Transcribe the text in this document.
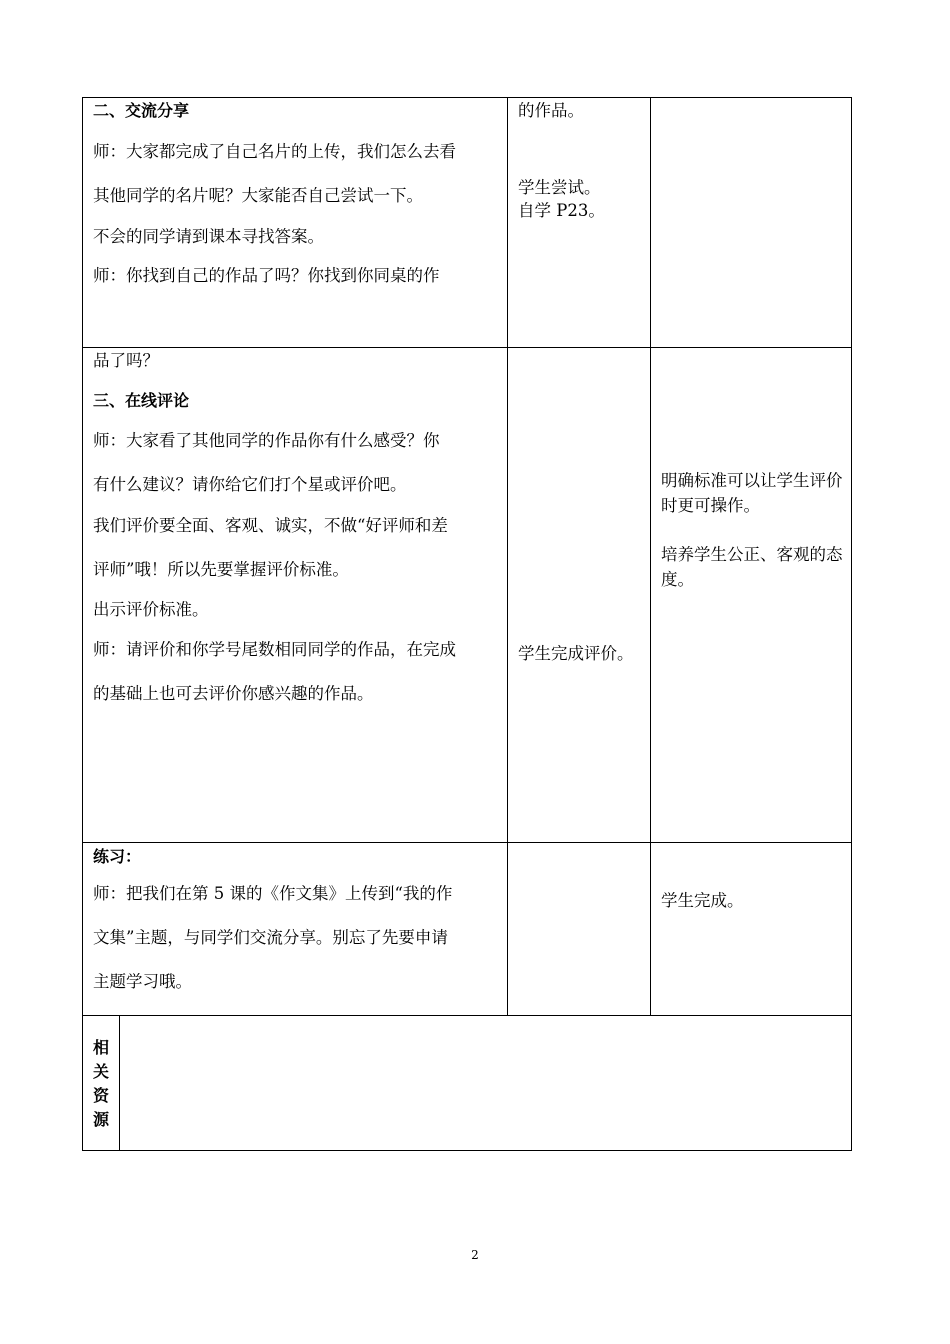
二、交流分享
师：大家都完成了自己名片的上传，我们怎么去看
其他同学的名片呢？大家能否自己尝试一下。
不会的同学请到课本寻找答案。
师：你找到自己的作品了吗？你找到你同桌的作
的作品。
学生尝试。
自学 P23。
品了吗？
三、在线评论
师：大家看了其他同学的作品你有什么感受？你
有什么建议？请你给它们打个星或评价吧。
我们评价要全面、客观、诚实，不做“好评师和差
评师”哦！所以先要掌握评价标准。
出示评价标准。
师：请评价和你学号尾数相同同学的作品，在完成
的基础上也可去评价你感兴趣的作品。
学生完成评价。
明确标准可以让学生评价时更可操作。
培养学生公正、客观的态度。
练习：
师：把我们在第 5 课的《作文集》上传到“我的作
文集”主题，与同学们交流分享。别忘了先要申请
主题学习哦。
学生完成。
相
关
资
源
2
